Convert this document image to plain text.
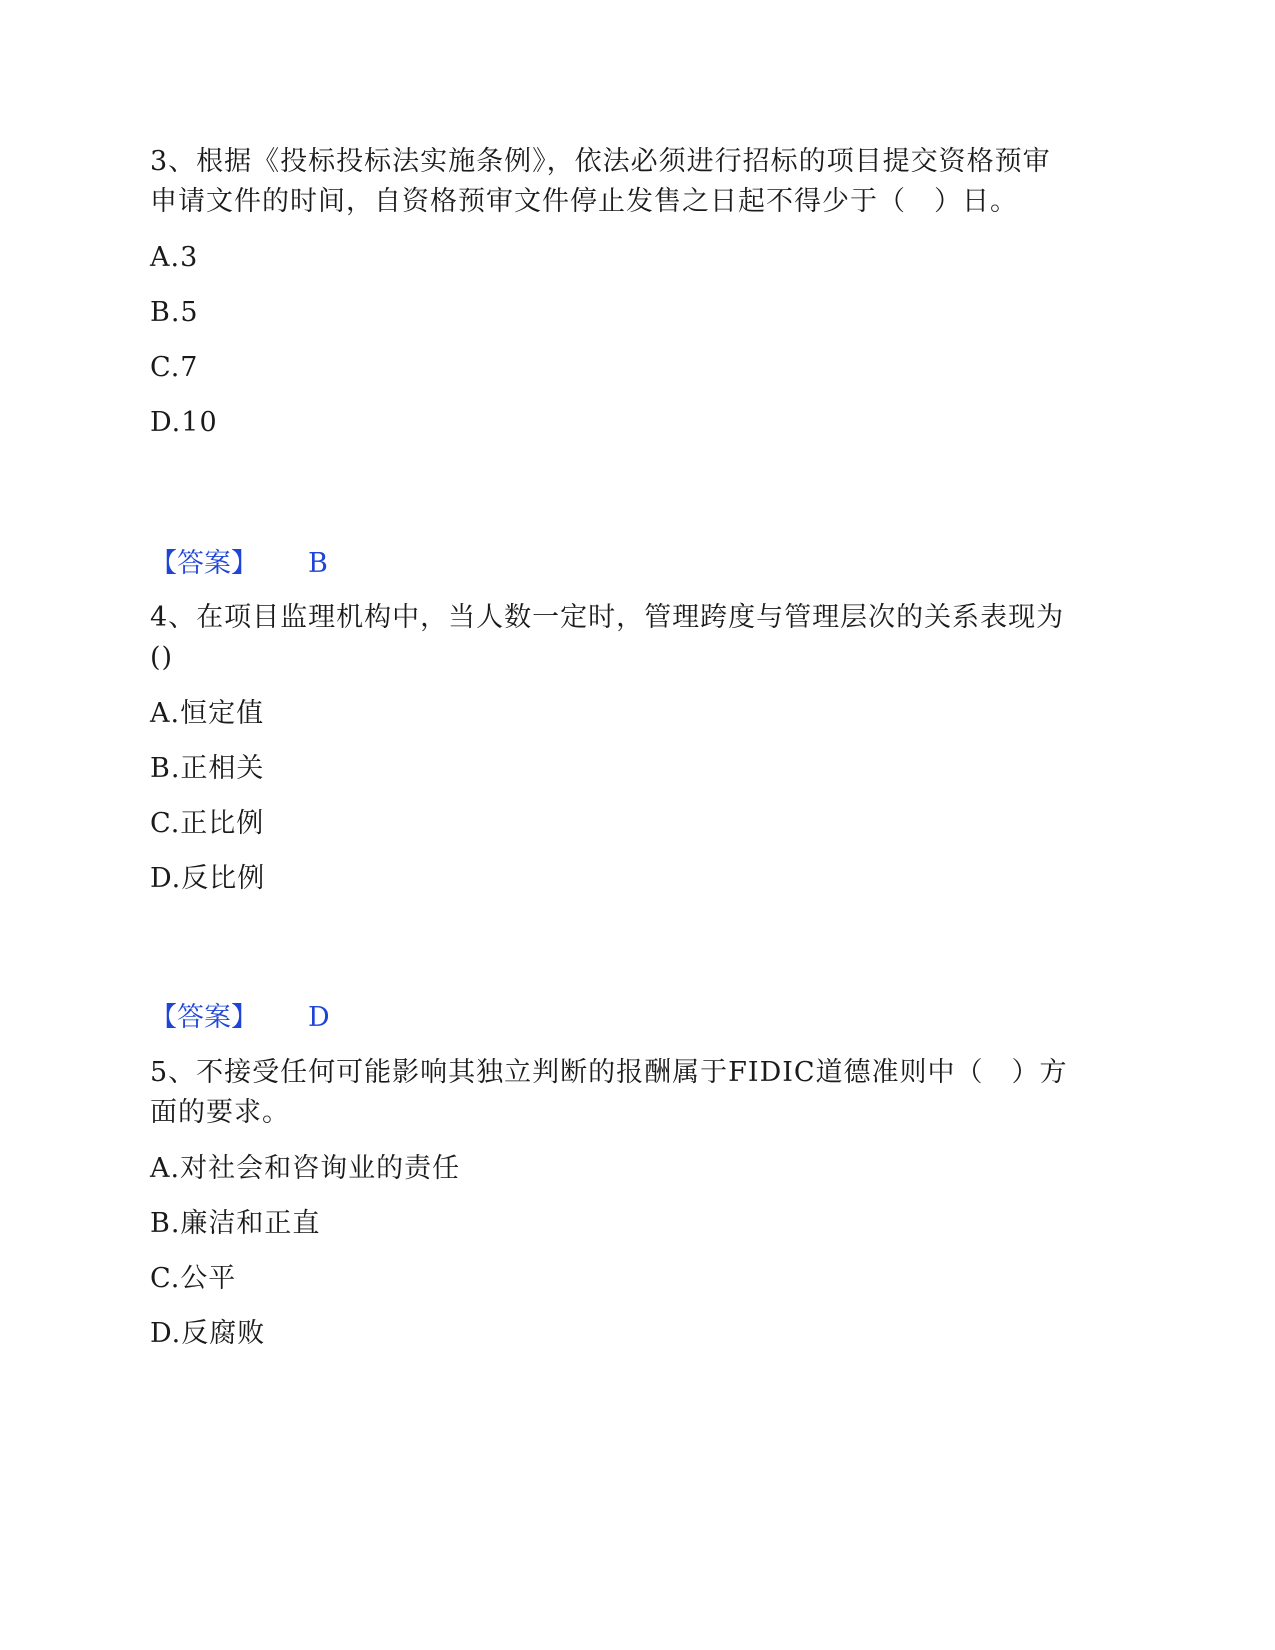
3、根据《投标投标法实施条例》，依法必须进行招标的项目提交资格预审

申请文件的时间，自资格预审文件停止发售之日起不得少于（　）日。

A.3

B.5

C.7

D.10

【答案】 B

4、在项目监理机构中，当人数一定时，管理跨度与管理层次的关系表现为

()

A.恒定值

B.正相关

C.正比例

D.反比例

【答案】 D

5、不接受任何可能影响其独立判断的报酬属于FIDIC道德准则中（　）方

面的要求。

A.对社会和咨询业的责任

B.廉洁和正直

C.公平

D.反腐败
